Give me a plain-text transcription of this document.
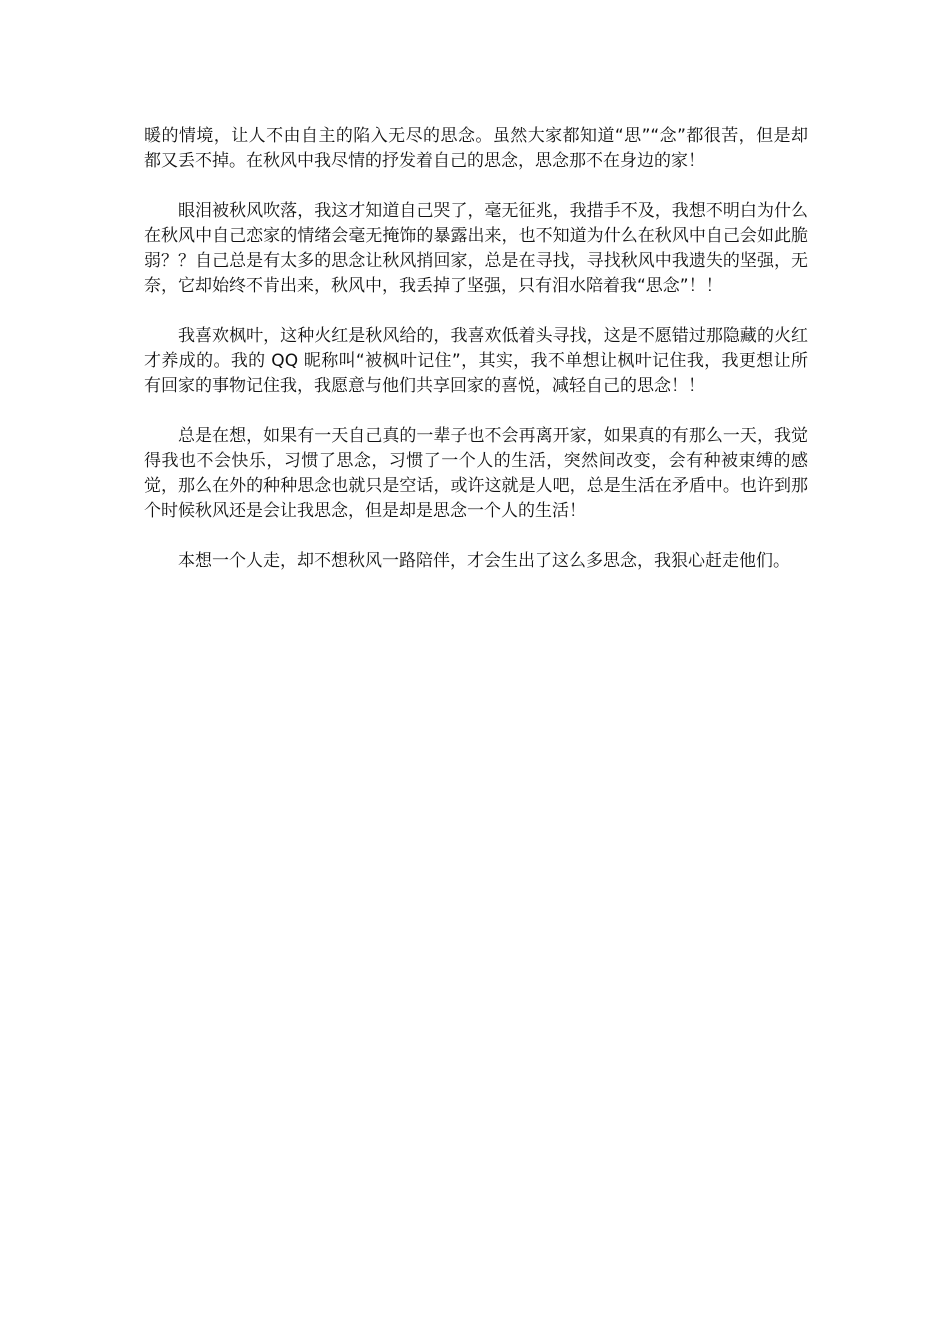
暖的情境，让人不由自主的陷入无尽的思念。虽然大家都知道“思”“念”都很苦，但是却都又丢不掉。在秋风中我尽情的抒发着自己的思念，思念那不在身边的家！

眼泪被秋风吹落，我这才知道自己哭了，毫无征兆，我措手不及，我想不明白为什么在秋风中自己恋家的情绪会毫无掩饰的暴露出来，也不知道为什么在秋风中自己会如此脆弱？？自己总是有太多的思念让秋风捎回家，总是在寻找，寻找秋风中我遗失的坚强，无奈，它却始终不肯出来，秋风中，我丢掉了坚强，只有泪水陪着我“思念”！！

我喜欢枫叶，这种火红是秋风给的，我喜欢低着头寻找，这是不愿错过那隐藏的火红才养成的。我的 QQ 昵称叫“被枫叶记住”，其实，我不单想让枫叶记住我，我更想让所有回家的事物记住我，我愿意与他们共享回家的喜悦，减轻自己的思念！！

总是在想，如果有一天自己真的一辈子也不会再离开家，如果真的有那么一天，我觉得我也不会快乐，习惯了思念，习惯了一个人的生活，突然间改变，会有种被束缚的感觉，那么在外的种种思念也就只是空话，或许这就是人吧，总是生活在矛盾中。也许到那个时候秋风还是会让我思念，但是却是思念一个人的生活！

本想一个人走，却不想秋风一路陪伴，才会生出了这么多思念，我狠心赶走他们。
